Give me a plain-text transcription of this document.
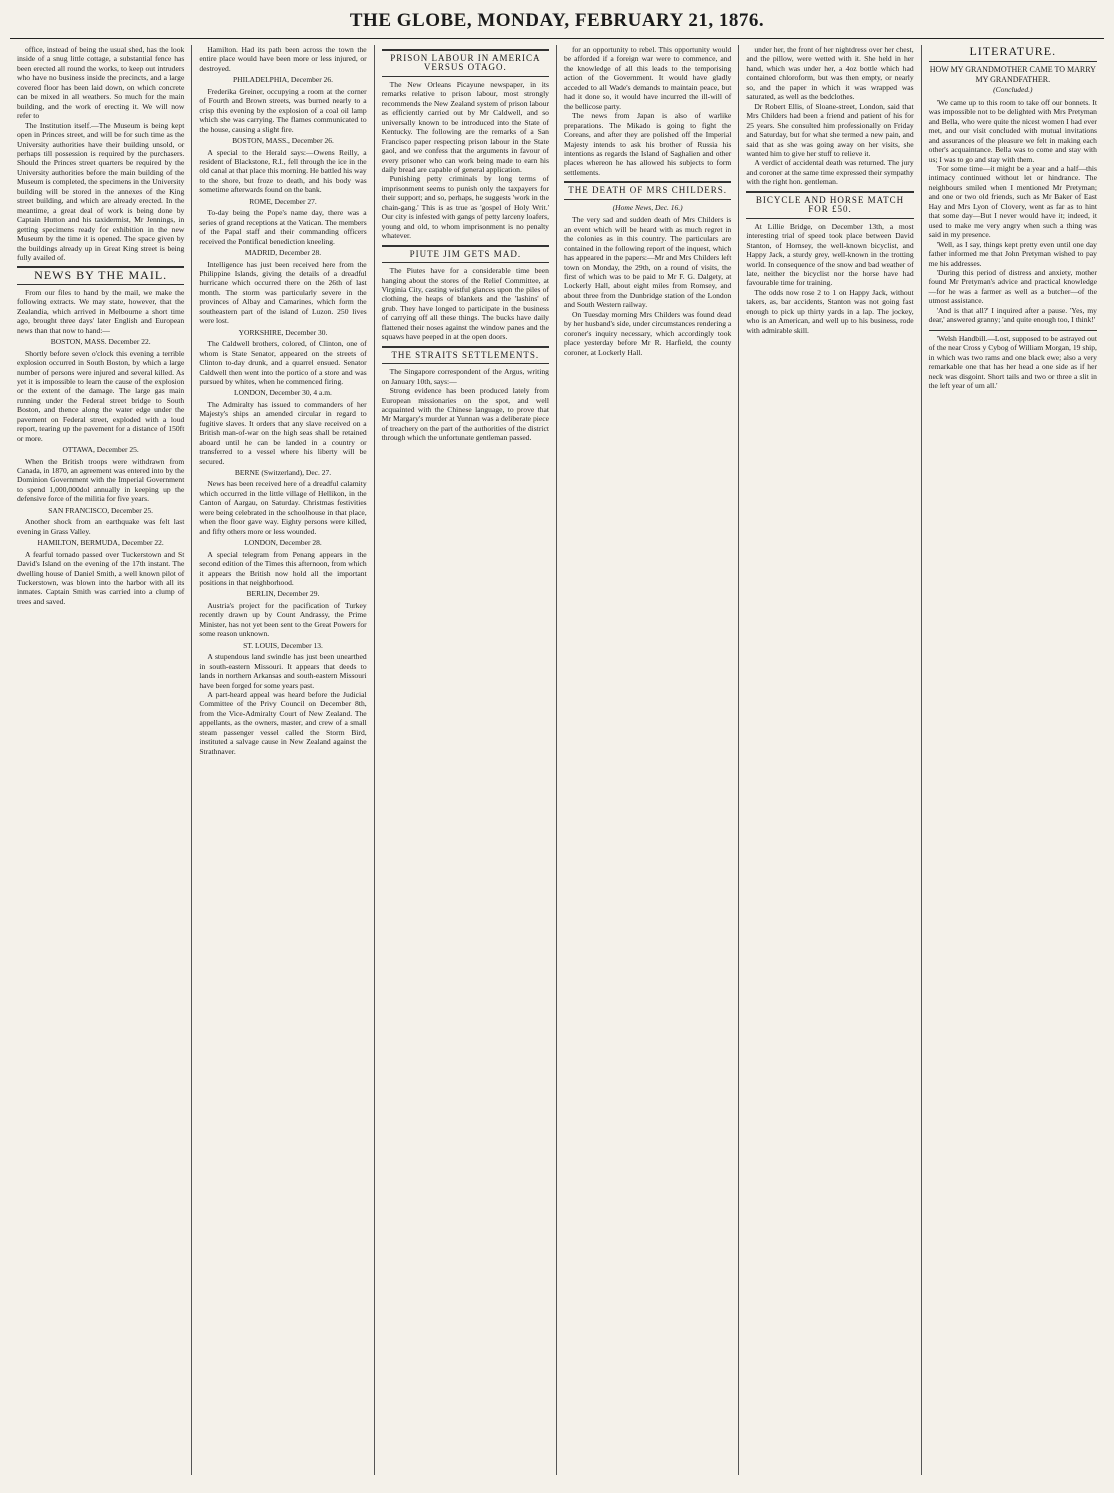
THE GLOBE, MONDAY, FEBRUARY 21, 1876.

office, instead of being the usual shed, has the look inside of a snug little cottage, a substantial fence has been erected all round the works, to keep out intruders who have no business inside the precincts, and a large covered floor has been laid down, on which concrete can be mixed in all weathers. So much for the main building, and the work of erecting it. We will now refer to

The Institution itself.—The Museum is being kept open in Princes street, and will be for such time as the University authorities have their building unsold, or perhaps till possession is required by the purchasers. Should the Princes street quarters be required by the University authorities before the main building of the Museum is completed, the specimens in the University building will be stored in the annexes of the King street building, and which are already erected. In the meantime, a great deal of work is being done by Captain Hutton and his taxidermist, Mr Jennings, in getting specimens ready for exhibition in the new Museum by the time it is opened. The space given by the buildings already up in Great King street is being fully availed of.

NEWS BY THE MAIL.

From our files to hand by the mail, we make the following extracts. We may state, however, that the Zealandia, which arrived in Melbourne a short time ago, brought three days' later English and European news than that now to hand:—

BOSTON, MASS. December 22.

Shortly before seven o'clock this evening a terrible explosion occurred in South Boston, by which a large number of persons were injured and several killed. As yet it is impossible to learn the cause of the explosion or the extent of the damage. The large gas main running under the Federal street bridge to South Boston, and thence along the water edge under the pavement on Federal street, exploded with a loud report, tearing up the pavement for a distance of 150ft or more.

OTTAWA, December 25.

When the British troops were withdrawn from Canada, in 1870, an agreement was entered into by the Dominion Government with the Imperial Government to spend 1,000,000dol annually in keeping up the defensive force of the militia for five years.

SAN FRANCISCO, December 25.

Another shock from an earthquake was felt last evening in Grass Valley.

HAMILTON, BERMUDA, December 22.

A fearful tornado passed over Tuckerstown and St David's Island on the evening of the 17th instant. The dwelling house of Daniel Smith, a well known pilot of Tuckerstown, was blown into the harbor with all its inmates. Captain Smith was carried into a clump of trees and saved.

Hamilton. Had its path been across the town the entire place would have been more or less injured, or destroyed.

PHILADELPHIA, December 26.

Frederika Greiner, occupying a room at the corner of Fourth and Brown streets, was burned nearly to a crisp this evening by the explosion of a coal oil lamp which she was carrying. The flames communicated to the house, causing a slight fire.

BOSTON, MASS., December 26.

A special to the Herald says:—Owens Reilly, a resident of Blackstone, R.I., fell through the ice in the old canal at that place this morning. He battled his way to the shore, but froze to death, and his body was sometime afterwards found on the bank.

ROME, December 27.

To-day being the Pope's name day, there was a series of grand receptions at the Vatican. The members of the Papal staff and their commanding officers received the Pontifical benediction kneeling.

MADRID, December 28.

Intelligence has just been received here from the Philippine Islands, giving the details of a dreadful hurricane which occurred there on the 26th of last month. The storm was particularly severe in the provinces of Albay and Camarines, which form the southeastern part of the island of Luzon. 250 lives were lost.

YORKSHIRE, December 30.

The Caldwell brothers, colored, of Clinton, one of whom is State Senator, appeared on the streets of Clinton to-day drunk, and a quarrel ensued. Senator Caldwell then went into the portico of a store and was pursued by whites, when he commenced firing.

LONDON, December 30, 4 a.m.

The Admiralty has issued to commanders of her Majesty's ships an amended circular in regard to fugitive slaves. It orders that any slave received on a British man-of-war on the high seas shall be retained aboard until he can be landed in a country or transferred to a vessel where his liberty will be secured.

BERNE (Switzerland), Dec. 27.

News has been received here of a dreadful calamity which occurred in the little village of Hellikon, in the Canton of Aargau, on Saturday. Christmas festivities were being celebrated in the schoolhouse in that place, when the floor gave way. Eighty persons were killed, and fifty others more or less wounded.

LONDON, December 28.

A special telegram from Penang appears in the second edition of the Times this afternoon, from which it appears the British now hold all the important positions in that neighborhood.

BERLIN, December 29.

Austria's project for the pacification of Turkey recently drawn up by Count Andrassy, the Prime Minister, has not yet been sent to the Great Powers for some reason unknown.

ST. LOUIS, December 13.

A stupendous land swindle has just been unearthed in south-eastern Missouri. It appears that deeds to lands in northern Arkansas and south-eastern Missouri have been forged for some years past.

A part-heard appeal was heard before the Judicial Committee of the Privy Council on December 8th, from the Vice-Admiralty Court of New Zealand. The appellants, as the owners, master, and crew of a small steam passenger vessel called the Storm Bird, instituted a salvage cause in New Zealand against the Strathnaver.

PRISON LABOUR IN AMERICA VERSUS OTAGO.

The New Orleans Picayune newspaper, in its remarks relative to prison labour, most strongly recommends the New Zealand system of prison labour as efficiently carried out by Mr Caldwell, and so universally known to be introduced into the State of Kentucky. The following are the remarks of a San Francisco paper respecting prison labour in the State gaol, and we confess that the arguments in favour of every prisoner who can work being made to earn his daily bread are capable of general application.

Punishing petty criminals by long terms of imprisonment seems to punish only the taxpayers for their support; and so, perhaps, he suggests 'work in the chain-gang.' This is as true as 'gospel of Holy Writ.' Our city is infested with gangs of petty larceny loafers, young and old, to whom imprisonment is no penalty whatever.

PIUTE JIM GETS MAD.

The Piutes have for a considerable time been hanging about the stores of the Relief Committee, at Virginia City, casting wistful glances upon the piles of clothing, the heaps of blankets and the 'lashins' of grub. They have longed to participate in the business of carrying off all these things. The bucks have daily flattened their noses against the window panes and the squaws have peeped in at the open doors.

THE STRAITS SETTLEMENTS.

The Singapore correspondent of the Argus, writing on January 10th, says:—

Strong evidence has been produced lately from European missionaries on the spot, and well acquainted with the Chinese language, to prove that Mr Margary's murder at Yunnan was a deliberate piece of treachery on the part of the authorities of the district through which the unfortunate gentleman passed.

for an opportunity to rebel. This opportunity would be afforded if a foreign war were to commence, and the knowledge of all this leads to the temporising action of the Government. It would have gladly acceded to all Wade's demands to maintain peace, but had it done so, it would have incurred the ill-will of the bellicose party.

The news from Japan is also of warlike preparations. The Mikado is going to fight the Coreans, and after they are polished off the Imperial Majesty intends to ask his brother of Russia his intentions as regards the Island of Saghalien and other places whereon he has allowed his subjects to form settlements.

THE DEATH OF MRS CHILDERS.
(Home News, Dec. 16.)

The very sad and sudden death of Mrs Childers is an event which will be heard with as much regret in the colonies as in this country. The particulars are contained in the following report of the inquest, which has appeared in the papers:—Mr and Mrs Childers left town on Monday, the 29th, on a round of visits, the first of which was to be paid to Mr F. G. Dalgety, at Lockerly Hall, about eight miles from Romsey, and about three from the Dunbridge station of the London and South Western railway.

On Tuesday morning Mrs Childers was found dead by her husband's side, under circumstances rendering a coroner's inquiry necessary, which accordingly took place yesterday before Mr R. Harfield, the county coroner, at Lockerly Hall.

under her, the front of her nightdress over her chest, and the pillow, were wetted with it. She held in her hand, which was under her, a 4oz bottle which had contained chloroform, but was then empty, or nearly so, and the paper in which it was wrapped was saturated, as well as the bedclothes.

Dr Robert Ellis, of Sloane-street, London, said that Mrs Childers had been a friend and patient of his for 25 years. She consulted him professionally on Friday and Saturday, but for what she termed a new pain, and said that as she was going away on her visits, she wanted him to give her stuff to relieve it.

A verdict of accidental death was returned. The jury and coroner at the same time expressed their sympathy with the right hon. gentleman.

BICYCLE AND HORSE MATCH FOR £50.

At Lillie Bridge, on December 13th, a most interesting trial of speed took place between David Stanton, of Hornsey, the well-known bicyclist, and Happy Jack, a sturdy grey, well-known in the trotting world. In consequence of the snow and bad weather of late, neither the bicyclist nor the horse have had favourable time for training.

The odds now rose 2 to 1 on Happy Jack, without takers, as, bar accidents, Stanton was not going fast enough to pick up thirty yards in a lap. The jockey, who is an American, and well up to his business, rode with admirable skill.

LITERATURE.
HOW MY GRANDMOTHER CAME TO MARRY MY GRANDFATHER.
(Concluded.)

'We came up to this room to take off our bonnets. It was impossible not to be delighted with Mrs Pretyman and Bella, who were quite the nicest women I had ever met, and our visit concluded with mutual invitations and assurances of the pleasure we felt in making each other's acquaintance. Bella was to come and stay with us; I was to go and stay with them.

'For some time—it might be a year and a half—this intimacy continued without let or hindrance. The neighbours smiled when I mentioned Mr Pretyman; and one or two old friends, such as Mr Baker of East Hay and Mrs Lyon of Clovery, went as far as to hint that some day—But I never would have it; indeed, it used to make me very angry when such a thing was said in my presence.

'Well, as I say, things kept pretty even until one day father informed me that John Pretyman wished to pay me his addresses.

'During this period of distress and anxiety, mother found Mr Pretyman's advice and practical knowledge—for he was a farmer as well as a butcher—of the utmost assistance.

'And is that all?' I inquired after a pause. 'Yes, my dear,' answered granny; 'and quite enough too, I think!'

'Welsh Handbill.—Lost, supposed to be astrayed out of the near Cross y Cybog of William Morgan, 19 ship, in which was two rams and one black ewe; also a very remarkable one that has her head a one side as if her neck was disgoint. Short tails and two or three a slit in the left year of um all.'
